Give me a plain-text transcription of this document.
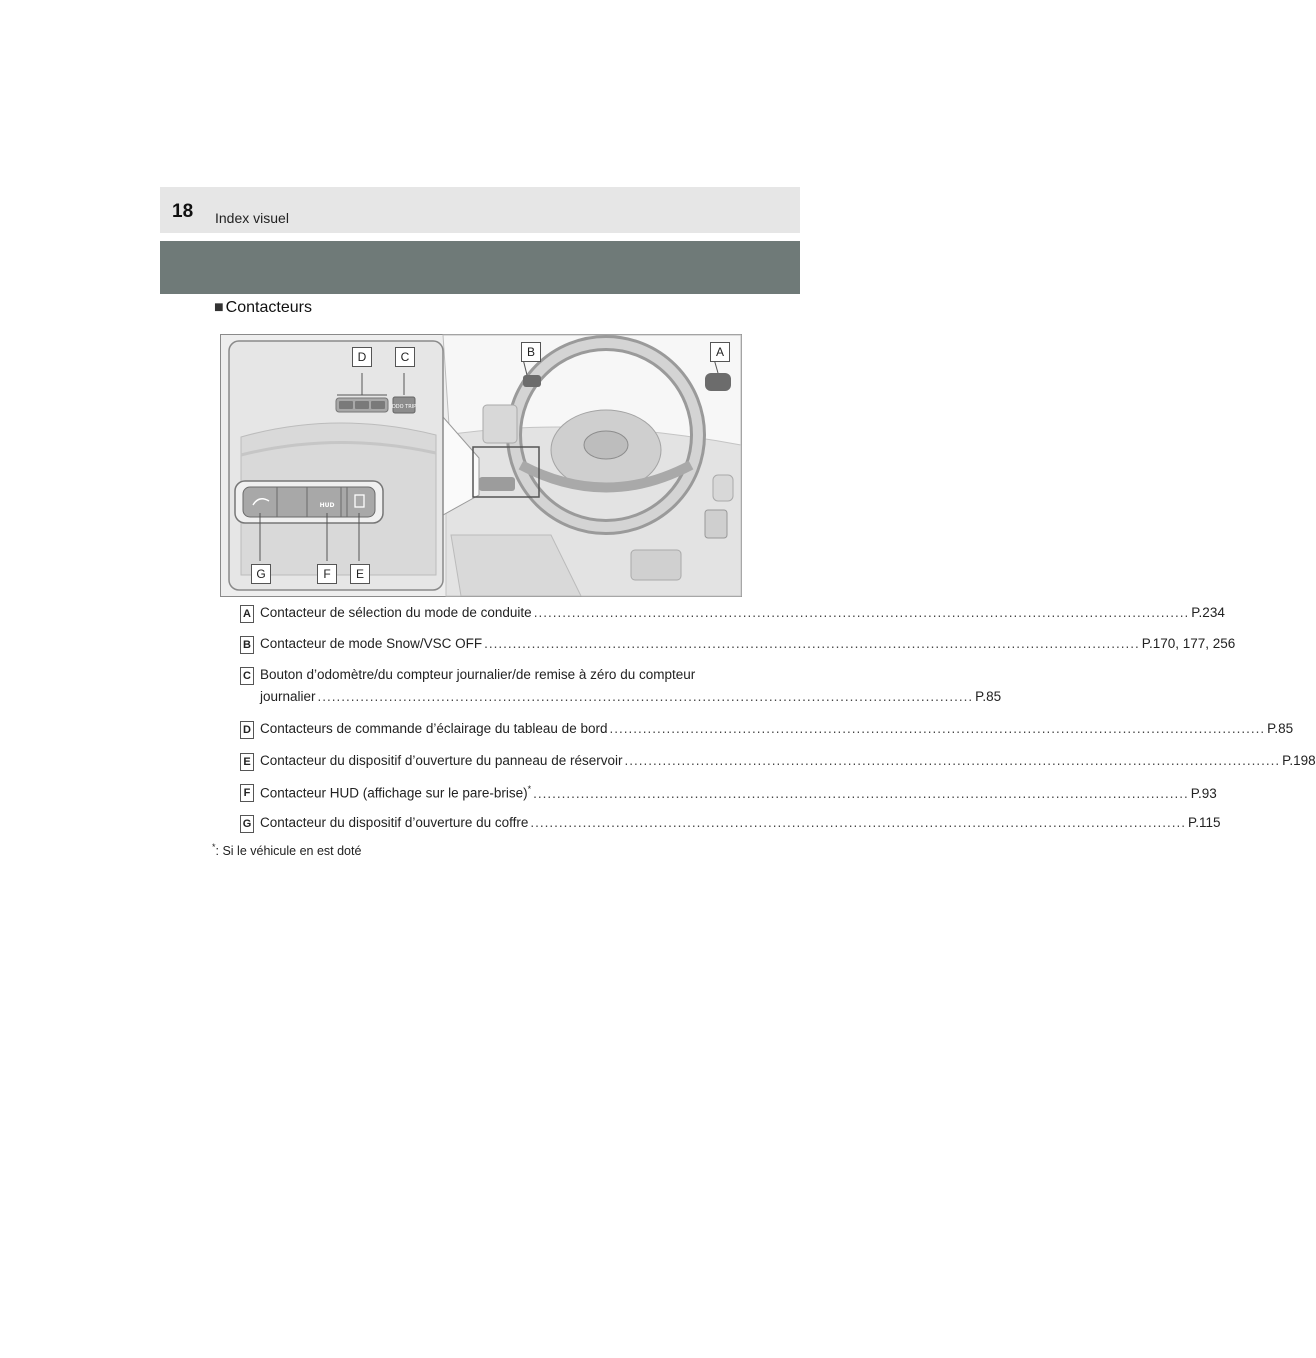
18 Index visuel
■ Contacteurs
ODO TRIP
HUD
D	C	B	A
G	F	E
A Contacteur de sélection du mode de conduite .......................................................................................................................................... P.234
B Contacteur de mode Snow/VSC OFF .......................................................................................................................................... P.170, 177, 256
C Bouton d’odomètre/du compteur journalier/de remise à zéro du compteur
journalier .......................................................................................................................................... P.85
D Contacteurs de commande d’éclairage du tableau de bord .......................................................................................................................................... P.85
E Contacteur du dispositif d’ouverture du panneau de réservoir .......................................................................................................................................... P.198
F Contacteur HUD (affichage sur le pare-brise)* .......................................................................................................................................... P.93
G Contacteur du dispositif d’ouverture du coffre .......................................................................................................................................... P.115
*: Si le véhicule en est doté
